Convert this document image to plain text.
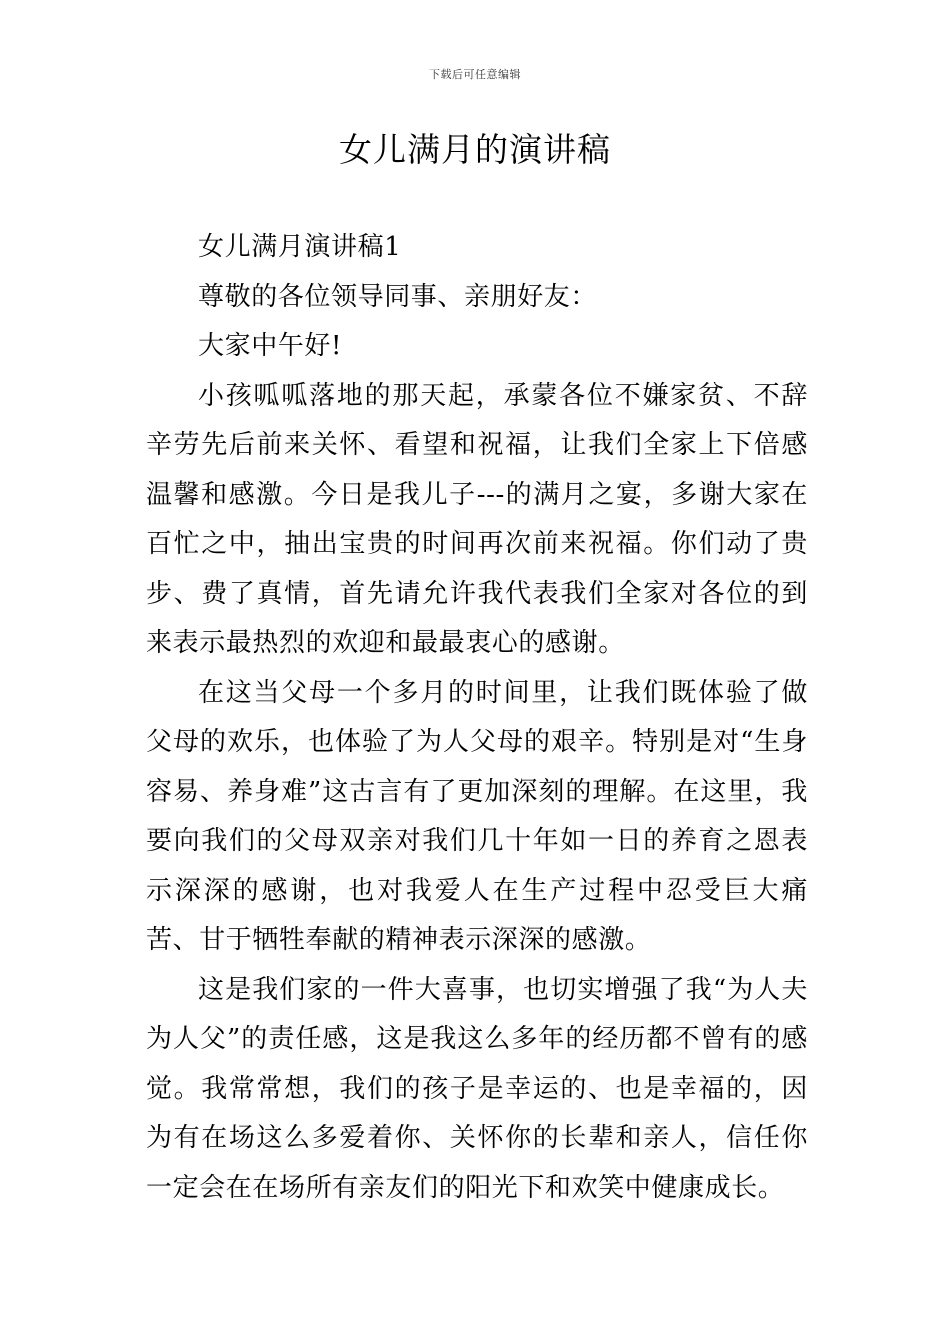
下载后可任意编辑
女儿满月的演讲稿

女儿满月演讲稿1

尊敬的各位领导同事、亲朋好友：

大家中午好!

小孩呱呱落地的那天起，承蒙各位不嫌家贫、不辞辛劳先后前来关怀、看望和祝福，让我们全家上下倍感温馨和感激。今日是我儿子---的满月之宴，多谢大家在百忙之中，抽出宝贵的时间再次前来祝福。你们动了贵步、费了真情，首先请允许我代表我们全家对各位的到来表示最热烈的欢迎和最最衷心的感谢。

在这当父母一个多月的时间里，让我们既体验了做父母的欢乐，也体验了为人父母的艰辛。特别是对“生身容易、养身难”这古言有了更加深刻的理解。在这里，我要向我们的父母双亲对我们几十年如一日的养育之恩表示深深的感谢，也对我爱人在生产过程中忍受巨大痛苦、甘于牺牲奉献的精神表示深深的感激。

这是我们家的一件大喜事，也切实增强了我“为人夫为人父”的责任感，这是我这么多年的经历都不曾有的感觉。我常常想，我们的孩子是幸运的、也是幸福的，因为有在场这么多爱着你、关怀你的长辈和亲人，信任你一定会在在场所有亲友们的阳光下和欢笑中健康成长。
